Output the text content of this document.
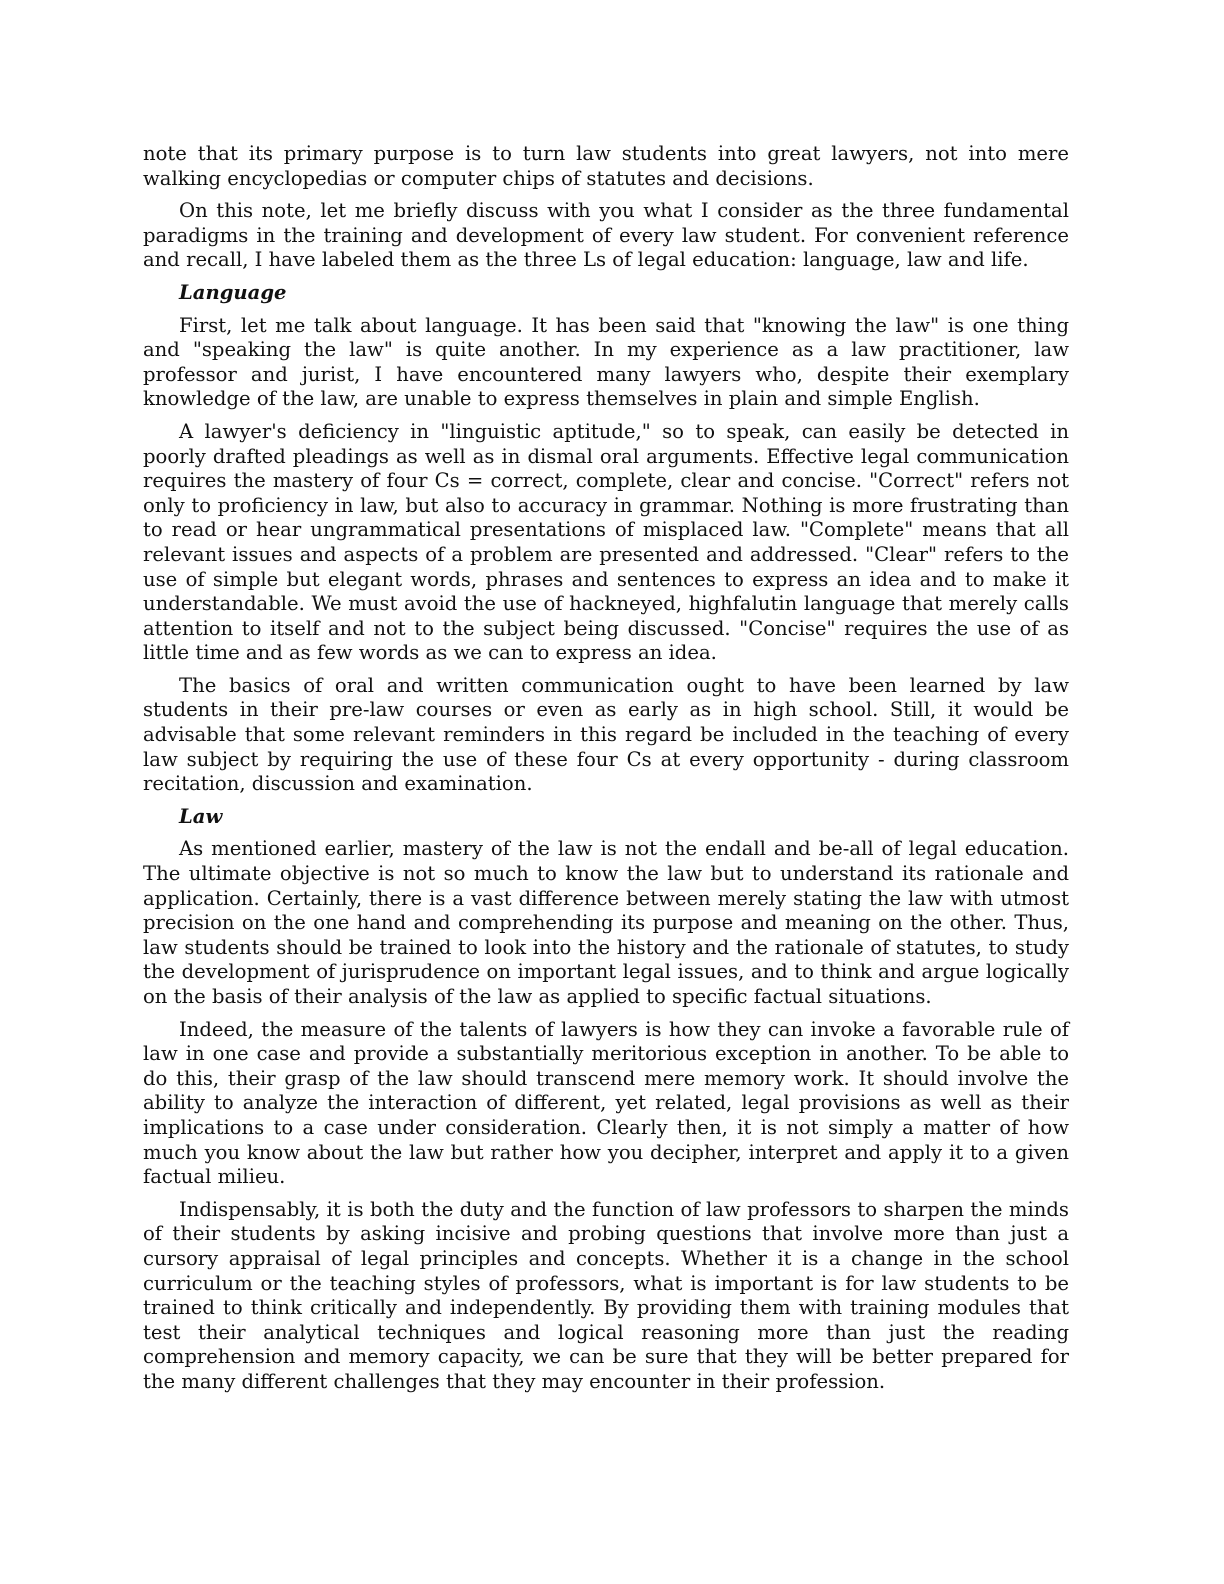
note that its primary purpose is to turn law students into great lawyers, not into mere walking encyclopedias or computer chips of statutes and decisions.

On this note, let me briefly discuss with you what I consider as the three fundamental paradigms in the training and development of every law student. For convenient reference and recall, I have labeled them as the three Ls of legal education: language, law and life.

Language

First, let me talk about language. It has been said that "knowing the law" is one thing and "speaking the law" is quite another. In my experience as a law practitioner, law professor and jurist, I have encountered many lawyers who, despite their exemplary knowledge of the law, are unable to express themselves in plain and simple English.

A lawyer's deficiency in "linguistic aptitude," so to speak, can easily be detected in poorly drafted pleadings as well as in dismal oral arguments. Effective legal communication requires the mastery of four Cs = correct, complete, clear and concise. "Correct" refers not only to proficiency in law, but also to accuracy in grammar. Nothing is more frustrating than to read or hear ungrammatical presentations of misplaced law. "Complete" means that all relevant issues and aspects of a problem are presented and addressed. "Clear" refers to the use of simple but elegant words, phrases and sentences to express an idea and to make it understandable. We must avoid the use of hackneyed, highfalutin language that merely calls attention to itself and not to the subject being discussed. "Concise" requires the use of as little time and as few words as we can to express an idea.

The basics of oral and written communication ought to have been learned by law students in their pre-law courses or even as early as in high school. Still, it would be advisable that some relevant reminders in this regard be included in the teaching of every law subject by requiring the use of these four Cs at every opportunity - during classroom recitation, discussion and examination.

Law

As mentioned earlier, mastery of the law is not the endall and be-all of legal education. The ultimate objective is not so much to know the law but to understand its rationale and application. Certainly, there is a vast difference between merely stating the law with utmost precision on the one hand and comprehending its purpose and meaning on the other. Thus, law students should be trained to look into the history and the rationale of statutes, to study the development of jurisprudence on important legal issues, and to think and argue logically on the basis of their analysis of the law as applied to specific factual situations.

Indeed, the measure of the talents of lawyers is how they can invoke a favorable rule of law in one case and provide a substantially meritorious exception in another. To be able to do this, their grasp of the law should transcend mere memory work. It should involve the ability to analyze the interaction of different, yet related, legal provisions as well as their implications to a case under consideration. Clearly then, it is not simply a matter of how much you know about the law but rather how you decipher, interpret and apply it to a given factual milieu.

Indispensably, it is both the duty and the function of law professors to sharpen the minds of their students by asking incisive and probing questions that involve more than just a cursory appraisal of legal principles and concepts. Whether it is a change in the school curriculum or the teaching styles of professors, what is important is for law students to be trained to think critically and independently. By providing them with training modules that test their analytical techniques and logical reasoning more than just the reading comprehension and memory capacity, we can be sure that they will be better prepared for the many different challenges that they may encounter in their profession.
